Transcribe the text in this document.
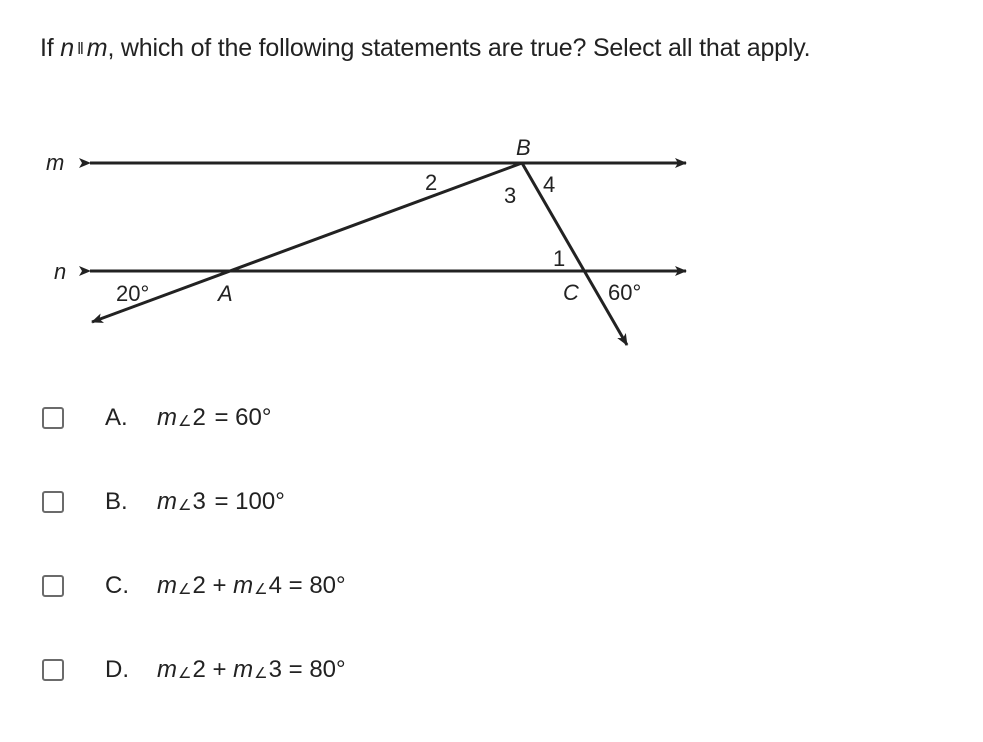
If n ‖ m, which of the following statements are true? Select all that apply.
m
n
B
A	C
2
3 4
1
20°	60°
A. m∠2 = 60°
B. m∠3 = 100°
C. m∠2 + m∠4 = 80°
D. m∠2 + m∠3 = 80°
